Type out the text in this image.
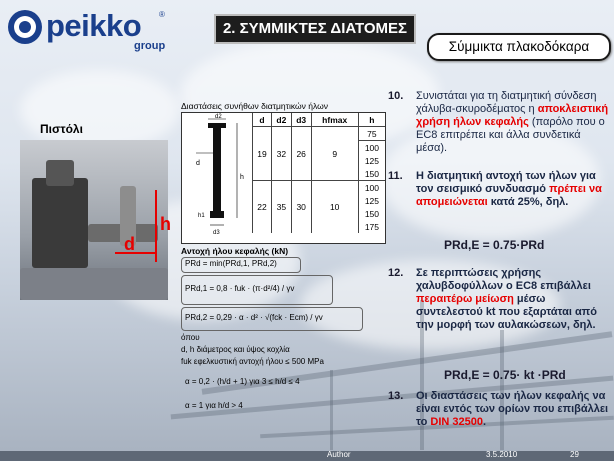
peikko ®
group
2. ΣΥΜΜΙΚΤΕΣ ΔΙΑΤΟΜΕΣ
Σύμμικτα πλακοδόκαρα
Πιστόλι
h
d
Διαστάσεις συνήθων διατμητικών ήλων
d2
d
h
h1
d3
d	d2	d3	hfmax	h
19	32	26	9	75
				100
				125
				150
22	35	30	10	100
				125
				150
				175
Αντοχή ήλου κεφαλής (kN)
PRd = min(PRd,1, PRd,2)
PRd,1 = 0,8 · fuk · (π·d²/4) / γv
PRd,2 = 0,29 · α · d² · √(fck · Ecm) / γv
όπου
d, h διάμετρος και ύψος κοχλία
fuk εφελκυστική αντοχή ήλου ≤ 500 MPa
α = 0,2 · (h/d + 1) για 3 ≤ h/d ≤ 4
α = 1 για h/d > 4
10. Συνιστάται για τη διατμητική σύνδεση χάλυβα-σκυροδέματος η αποκλειστική χρήση ήλων κεφαλής (παρόλο που ο EC8 επιτρέπει και άλλα συνδετικά μέσα).
11. Η διατμητική αντοχή των ήλων για τον σεισμικό συνδυασμό πρέπει να απομειώνεται κατά 25%, δηλ.
12. Σε περιπτώσεις χρήσης χαλυβδοφύλλων ο EC8 επιβάλλει περαιτέρω μείωση μέσω συντελεστού kt που εξαρτάται από την μορφή των αυλακώσεων, δηλ.
13. Οι διαστάσεις των ήλων κεφαλής να είναι εντός των ορίων που επιβάλλει το DIN 32500.
PRd,E = 0.75·PRd
PRd,E = 0.75· kt ·PRd
Author	3.5.2010	29
